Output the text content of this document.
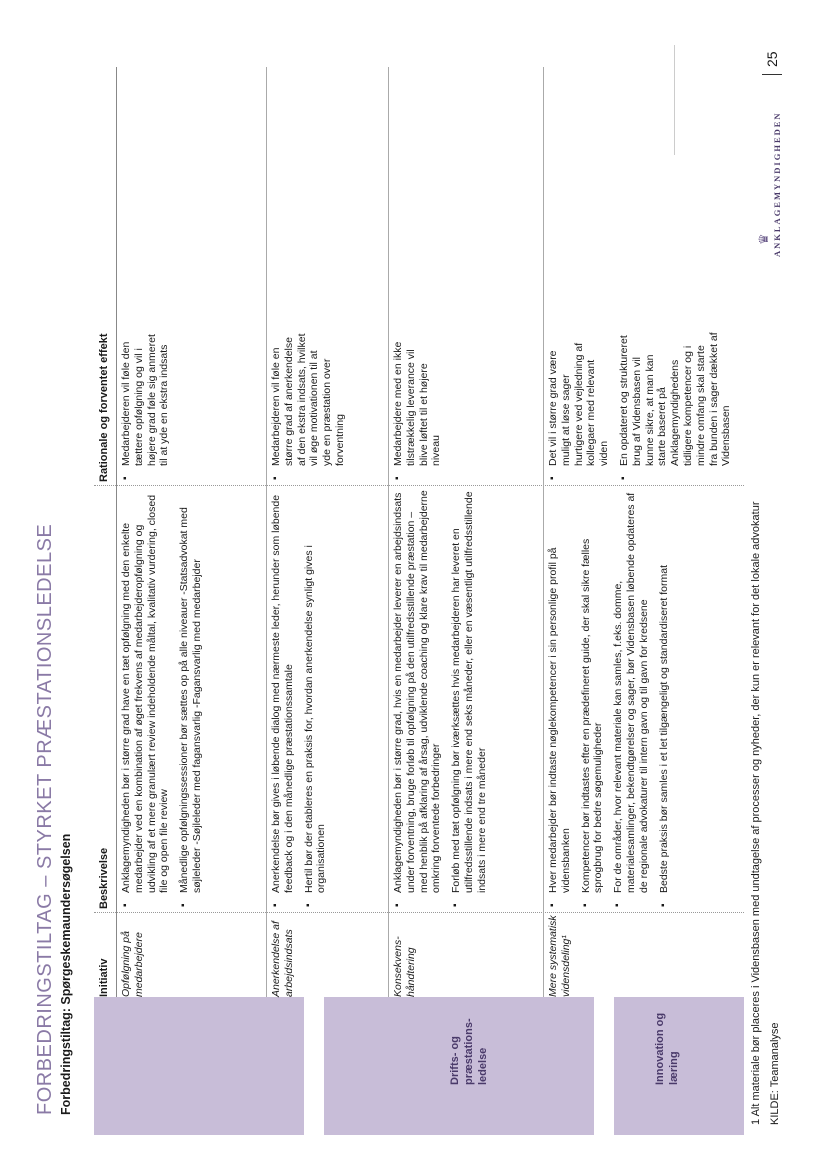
FORBEDRINGSTILTAG – STYRKET PRÆSTATIONSLEDELSE Forbedringstiltag: Spørgeskemaundersøgelsen	Drifts- og præstations-ledelse	Innovation og læring
Initiativ
Beskrivelse
Rationale og forventet effekt
Opfølgning på medarbejdere
▪ Anklagemyndigheden bør i større grad have en tæt opfølgning med den enkelte medarbejder ved en kombination af øget frekvens af medarbejderopfølgning og udvikling af et mere granulært review indeholdende måltal, kvalitativ vurdering, closed file og open file review ▪ Månedlige opfølgningssessioner bør sættes op på alle niveauer -Statsadvokat med søjleleder -Søjleleder med fagansvarlig -Fagansvarlig med medarbejder
▪ Medarbejderen vil føle den tættere opfølgning og vil i højere grad føle sig anmeret til at yde en ekstra indsats
Anerkendelse af arbejdsindsats
▪ Anerkendelse bør gives i løbende dialog med nærmeste leder, herunder som løbende feedback og i den månedlige præstationssamtale ▪ Hertil bør der etableres en praksis for, hvordan anerkendelse synligt gives i organisationen
▪ Medarbejderen vil føle en større grad af anerkendelse af den ekstra indsats, hvilket vil øge motivationen til at yde en præstation over forventning
Konsekvens-håndtering
▪ Anklagemyndigheden bør i større grad, hvis en medarbejder leverer en arbejdsindsats under forventning, bruge forløb til opfølgning på den utilfredsstillende præstation – med henblik på afklaring af årsag, udviklende coaching og klare krav til medarbejderne omkring forventede forbedringer ▪ Forløb med tæt opfølgning bør iværksættes hvis medarbejderen har leveret en utilfredsstillende indsats i mere end seks måneder, eller en væsentligt utilfredsstillende indsats i mere end tre måneder
▪ Medarbejdere med en ikke tilstrækkelig leverance vil blive løftet til et højere niveau
Mere systematisk vidensdeling¹
▪ Hver medarbejder bør indtaste nøglekompetencer i sin personlige profil på vidensbanken ▪ Kompetencer bør indtastes efter en prædefineret guide, der skal sikre fælles sprogbrug for bedre søgemuligheder ▪ For de områder, hvor relevant materiale kan samles, f.eks. domme, materialesamlinger, bekendtgørelser og sager, bør Vidensbasen løbende opdateres af de regionale advokaturer til intern gavn og til gavn for kredsene ▪ Bedste praksis bør samles i et let tilgængeligt og standardiseret format
▪ Det vil i større grad være muligt at løse sager hurtigere ved vejledning af kollegaer med relevant viden ▪ En opdateret og struktureret brug af Vidensbasen vil kunne sikre, at man kan starte baseret på Anklagemyndighedens tidligere kompetencer og i mindre omfang skal starte fra bunden i sager dækket af Vidensbasen
1 Alt materiale bør placeres i Vidensbasen med undtagelse af processer og nyheder, der kun er relevant for det lokale advokatur KILDE: Teamanalyse
♛ ANKLAGEMYNDIGHEDEN
25
